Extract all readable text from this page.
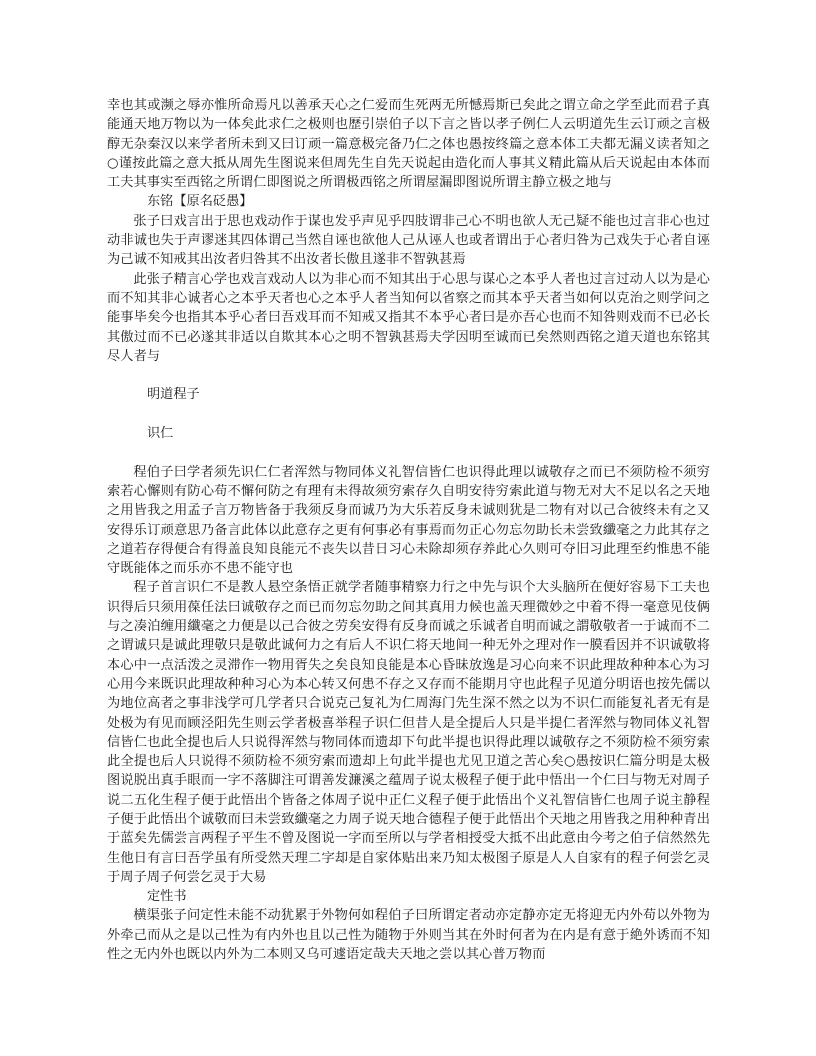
幸也其或濒之辱亦惟所命焉凡以善承天心之仁爱而生死两无所憾焉斯已矣此之谓立命之学至此而君子真能通天地万物以为一体矣此求仁之极则也歷引崇伯子以下言之皆以孝子例仁人云明道先生云订顽之言极醇无杂秦汉以来学者所未到又曰订顽一篇意极完备乃仁之体也愚按终篇之意本体工夫都无漏义读者知之○谨按此篇之意大抵从周先生图说来但周先生自先天说起由造化而人事其义精此篇从后天说起由本体而工夫其事实至西铭之所谓仁即图说之所谓极西铭之所谓屋漏即图说所谓主静立极之地与

东铭【原名砭愚】

张子曰戏言出于思也戏动作于谋也发乎声见乎四肢谓非己心不明也欲人无己疑不能也过言非心也过动非诚也失于声谬迷其四体谓己当然自诬也欲他人己从诬人也或者谓出于心者归咎为己戏失于心者自诬为己诚不知戒其出汝者归咎其不出汝者长傲且遂非不智孰甚焉

此张子精言心学也戏言戏动人以为非心而不知其出于心思与谋心之本乎人者也过言过动人以为是心而不知其非心诚者心之本乎天者也心之本乎人者当知何以省察之而其本乎天者当如何以克治之则学问之能事毕矣今也指其本乎心者曰吾戏耳而不知戒又指其不本乎心者曰是亦吾心也而不知咎则戏而不已必长其傲过而不已必遂其非适以自欺其本心之明不智孰甚焉夫学因明至诚而已矣然则西铭之道天道也东铭其尽人者与

明道程子

识仁

程伯子曰学者须先识仁仁者浑然与物同体义礼智信皆仁也识得此理以诚敬存之而已不须防检不须穷索若心懈则有防心苟不懈何防之有理有未得故须穷索存久自明安待穷索此道与物无对大不足以名之天地之用皆我之用孟子言万物皆备于我须反身而诚乃为大乐若反身未诚则犹是二物有对以己合彼终未有之又安得乐订顽意思乃备言此体以此意存之更有何事必有事焉而勿正心勿忘勿助长未尝致纖毫之力此其存之之道若存得便合有得盖良知良能元不丧失以昔日习心未除却须存养此心久则可夺旧习此理至约惟患不能守既能体之而乐亦不患不能守也

程子首言识仁不是教人悬空条悟正就学者随事精察力行之中先与识个大头脑所在便好容易下工夫也识得后只须用葆任法曰诚敬存之而已而勿忘勿助之间其真用力候也盖天理微妙之中着不得一毫意见伎俩与之凑泊缠用纖毫之力便是以己合彼之劳矣安得有反身而诚之乐诚者自明而诚之謂敬敬者一于诚而不二之谓诚只是诚此理敬只是敬此诚何力之有后人不识仁将天地间一种无外之理对作一膜看因并不识诚敬将本心中一点活泼之灵滞作一物用胥失之矣良知良能是本心昏昧放逸是习心向来不识此理故种种本心为习心用今来既识此理故种种习心为本心转又何患不存之又存而不能期月守也此程子见道分明语也按先儒以为地位高者之事非浅学可几学者只合说克己复礼为仁周海门先生深不然之以为不识仁而能复礼者无有是处极为有见而顾泾阳先生则云学者极喜举程子识仁但昔人是全提后人只是半提仁者浑然与物同体义礼智信皆仁也此全提也后人只说得浑然与物同体而遗却下句此半提也识得此理以诚敬存之不须防检不须穷索此全提也后人只说得不须防检不须穷索而遗却上句此半提也尤见卫道之苦心矣○愚按识仁篇分明是太极图说脱出真手眼而一字不落脚注可谓善发濂溪之蕴周子说太极程子便于此中悟出一个仁曰与物无对周子说二五化生程子便于此悟出个皆备之体周子说中正仁义程子便于此悟出个义礼智信皆仁也周子说主静程子便于此悟出个诚敬而曰未尝致纖毫之力周子说天地合德程子便于此悟出个天地之用皆我之用种种青出于蓝矣先儒尝言两程子平生不曾及图说一字而至所以与学者相授受大抵不出此意由今考之伯子信然然先生他日有言曰吾学虽有所受然天理二字却是自家体贴出来乃知太极图子原是人人自家有的程子何尝乞灵于周子周子何尝乞灵于大易

定性书

横渠张子问定性未能不动犹累于外物何如程伯子曰所谓定者动亦定静亦定无将迎无内外苟以外物为外牵己而从之是以己性为有内外也且以己性为随物于外则当其在外时何者为在内是有意于絶外诱而不知性之无内外也既以内外为二本则又乌可遽语定哉夫天地之尝以其心普万物而
